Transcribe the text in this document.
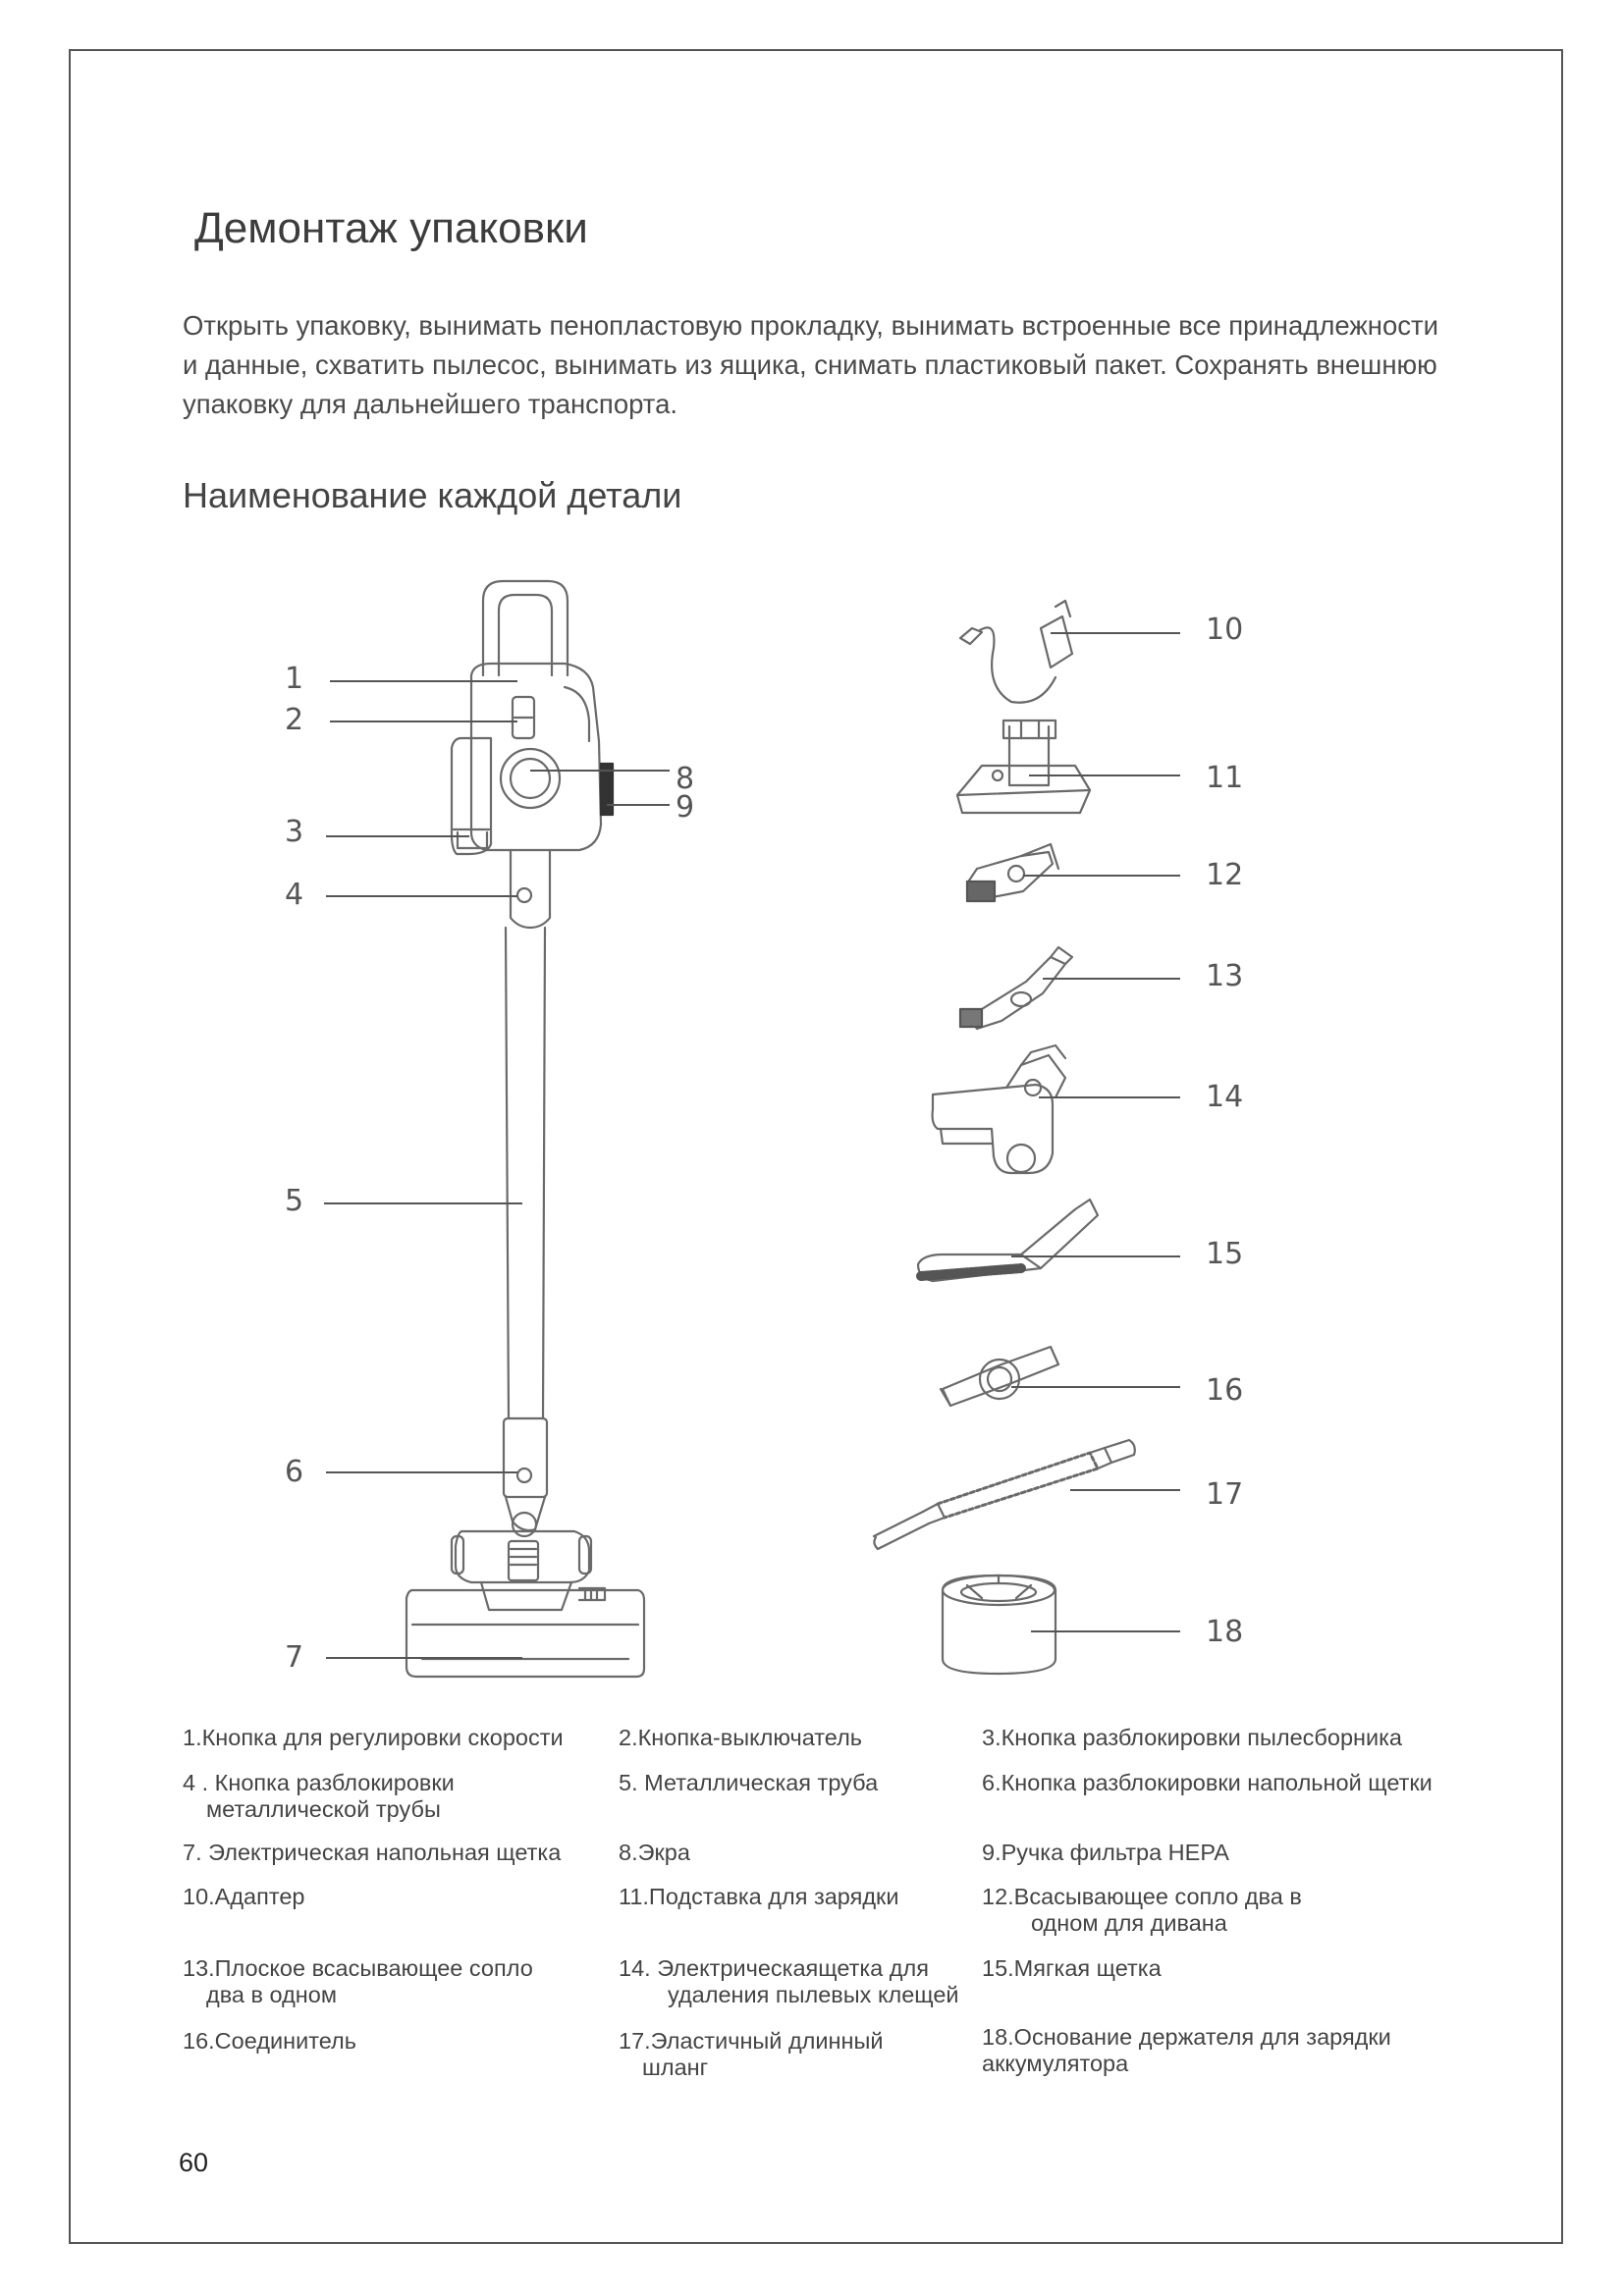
Демонтаж упаковки

Открыть упаковку, вынимать пенопластовую прокладку, вынимать встроенные все принадлежности и данные, схватить пылесос, вынимать из ящика, снимать пластиковый пакет. Сохранять внешнюю упаковку для дальнейшего транспорта.

Наименование каждой детали
1
2
3
4
5
6
7
8
9
10
11
12
13
14
15
16
17
18

1.Кнопка для регулировки скорости

4 . Кнопка разблокировки
металлической трубы

7. Электрическая напольная щетка

10.Адаптер

13.Плоское всасывающее сопло
два в одном

16.Соединитель

2.Кнопка-выключатель

5. Металлическая труба

8.Экра

11.Подставка для зарядки

14. Электрическаящетка для
удаления пылевых клещей

17.Эластичный длинный
шланг

3.Кнопка разблокировки пылесборника

6.Кнопка разблокировки напольной щетки

9.Ручка фильтра HEPA

12.Всасывающее сопло два в
одном для дивана

15.Мягкая щетка

18.Основание держателя для зарядки
аккумулятора

60
